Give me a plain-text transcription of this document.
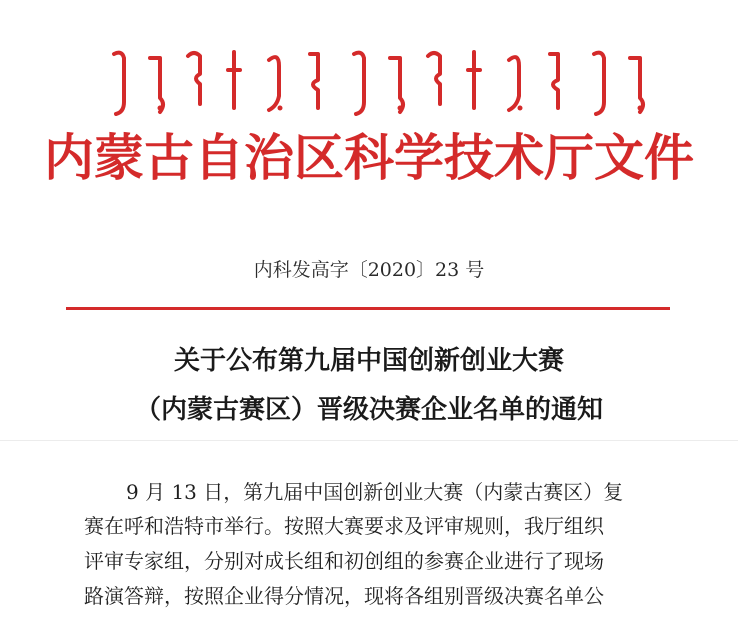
内蒙古自治区科学技术厅文件
内科发高字〔2020〕23 号
关于公布第九届中国创新创业大赛
（内蒙古赛区）晋级决赛企业名单的通知
9 月 13 日，第九届中国创新创业大赛（内蒙古赛区）复
赛在呼和浩特市举行。按照大赛要求及评审规则，我厅组织
评审专家组，分别对成长组和初创组的参赛企业进行了现场
路演答辩，按照企业得分情况，现将各组别晋级决赛名单公
